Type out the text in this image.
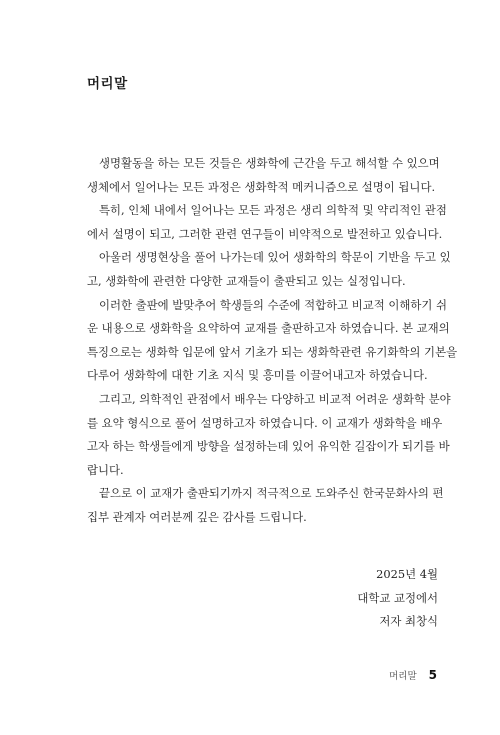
머리말
생명활동을 하는 모든 것들은 생화학에 근간을 두고 해석할 수 있으며
생체에서 일어나는 모든 과정은 생화학적 메커니즘으로 설명이 됩니다.
특히, 인체 내에서 일어나는 모든 과정은 생리 의학적 및 약리적인 관점
에서 설명이 되고, 그러한 관련 연구들이 비약적으로 발전하고 있습니다.
아울러 생명현상을 풀어 나가는데 있어 생화학의 학문이 기반을 두고 있
고, 생화학에 관련한 다양한 교재들이 출판되고 있는 실정입니다.
이러한 출판에 발맞추어 학생들의 수준에 적합하고 비교적 이해하기 쉬
운 내용으로 생화학을 요약하여 교재를 출판하고자 하였습니다. 본 교재의
특징으로는 생화학 입문에 앞서 기초가 되는 생화학관련 유기화학의 기본을
다루어 생화학에 대한 기초 지식 및 흥미를 이끌어내고자 하였습니다.
그리고, 의학적인 관점에서 배우는 다양하고 비교적 어려운 생화학 분야
를 요약 형식으로 풀어 설명하고자 하였습니다. 이 교재가 생화학을 배우
고자 하는 학생들에게 방향을 설정하는데 있어 유익한 길잡이가 되기를 바
랍니다.
끝으로 이 교재가 출판되기까지 적극적으로 도와주신 한국문화사의 편
집부 관계자 여러분께 깊은 감사를 드립니다.
2025년 4월
대학교 교정에서
저자 최창식
머리말 5
